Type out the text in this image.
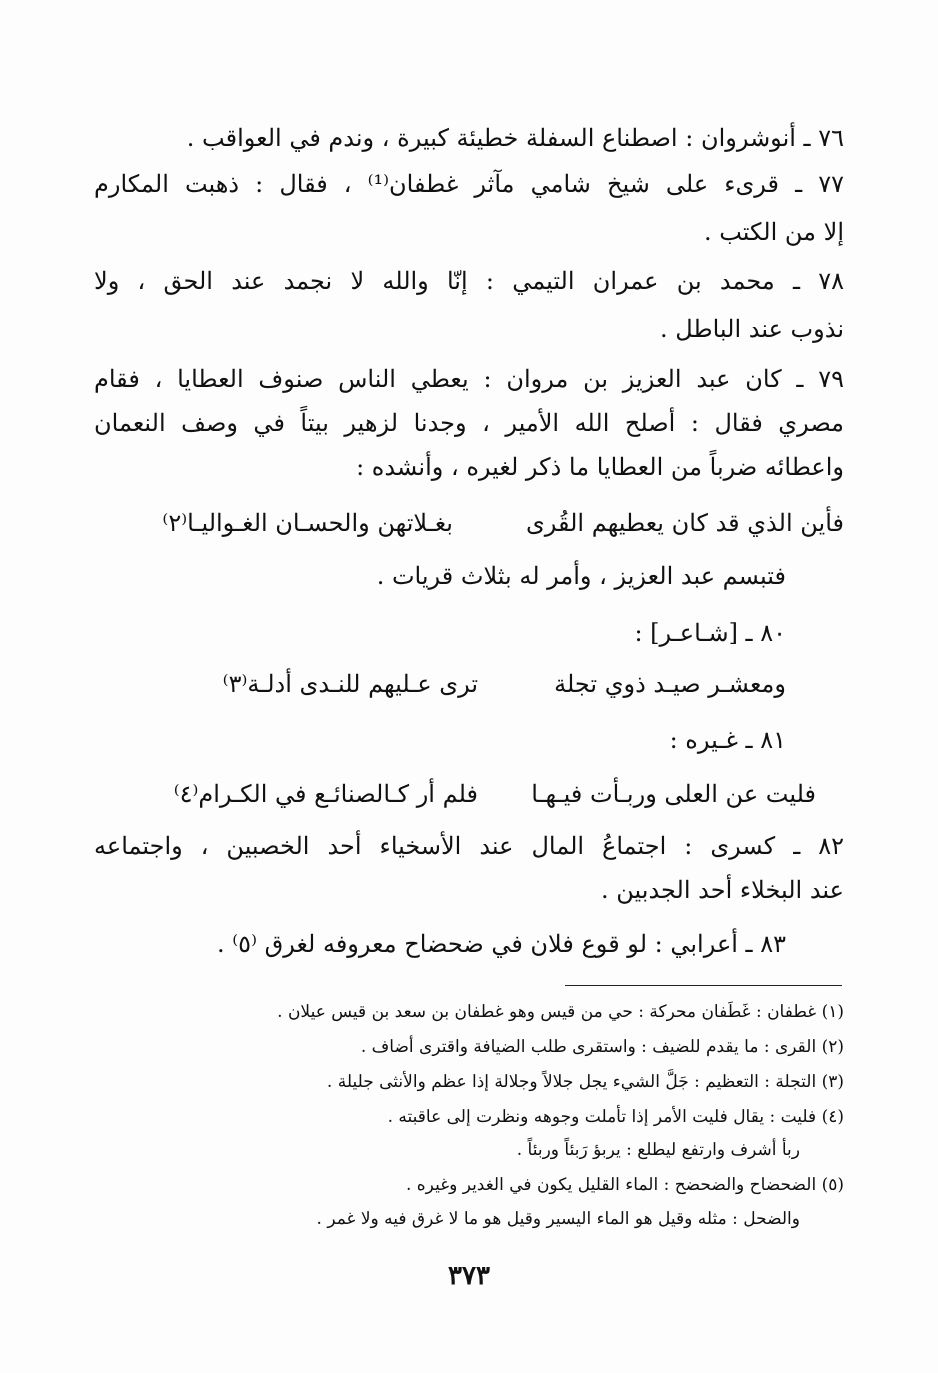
٧٦ ـ أنوشروان : اصطناع السفلة خطيئة كبيرة ، وندم في العواقب .
٧٧ ـ قرىء على شيخ شامي مآثر غطفان⁽¹⁾ ، فقال : ذهبت المكارم
إلا من الكتب .
٧٨ ـ محمد بن عمران التيمي : إنّا والله لا نجمد عند الحق ، ولا
نذوب عند الباطل .
٧٩ ـ كان عبد العزيز بن مروان : يعطي الناس صنوف العطايا ، فقام
مصري فقال : أصلح الله الأمير ، وجدنا لزهير بيتاً في وصف النعمان
واعطائه ضرباً من العطايا ما ذكر لغيره ، وأنشده :
فأين الذي قد كان يعطيهم القُرى
بغـلاتهن والحسـان الغـواليـا⁽٢⁾
فتبسم عبد العزيز ، وأمر له بثلاث قريات .
٨٠ ـ [شـاعـر] :
ومعشـر صيـد ذوي تجلة
ترى عـليهم للنـدى أدلـة⁽٣⁾
٨١ ـ غـيره :
فليت عن العلى وربـأت فيـهـا
فلم أر كـالصنائـع في الكـرام⁽٤⁾
٨٢ ـ كسرى : اجتماعُ المال عند الأسخياء أحد الخصبين ، واجتماعه
عند البخلاء أحد الجدبين .
٨٣ ـ أعرابي : لو قوع فلان في ضحضاح معروفه لغرق ⁽٥⁾ .
(١) غطفان : غَطَفان محركة : حي من قيس وهو غطفان بن سعد بن قيس عيلان .
(٢) القرى : ما يقدم للضيف : واستقرى طلب الضيافة واقترى أضاف .
(٣) التجلة : التعظيم : جَلَّ الشيء يجل جلالاً وجلالة إذا عظم والأنثى جليلة .
(٤) فليت : يقال فليت الأمر إذا تأملت وجوهه ونظرت إلى عاقبته .
ربأ أشرف وارتفع ليطلع : يربؤ رَبئاً وربئاً .
(٥) الضحضاح والضحضح : الماء القليل يكون في الغدير وغيره .
والضحل : مثله وقيل هو الماء اليسير وقيل هو ما لا غرق فيه ولا غمر .
٣٧٣
